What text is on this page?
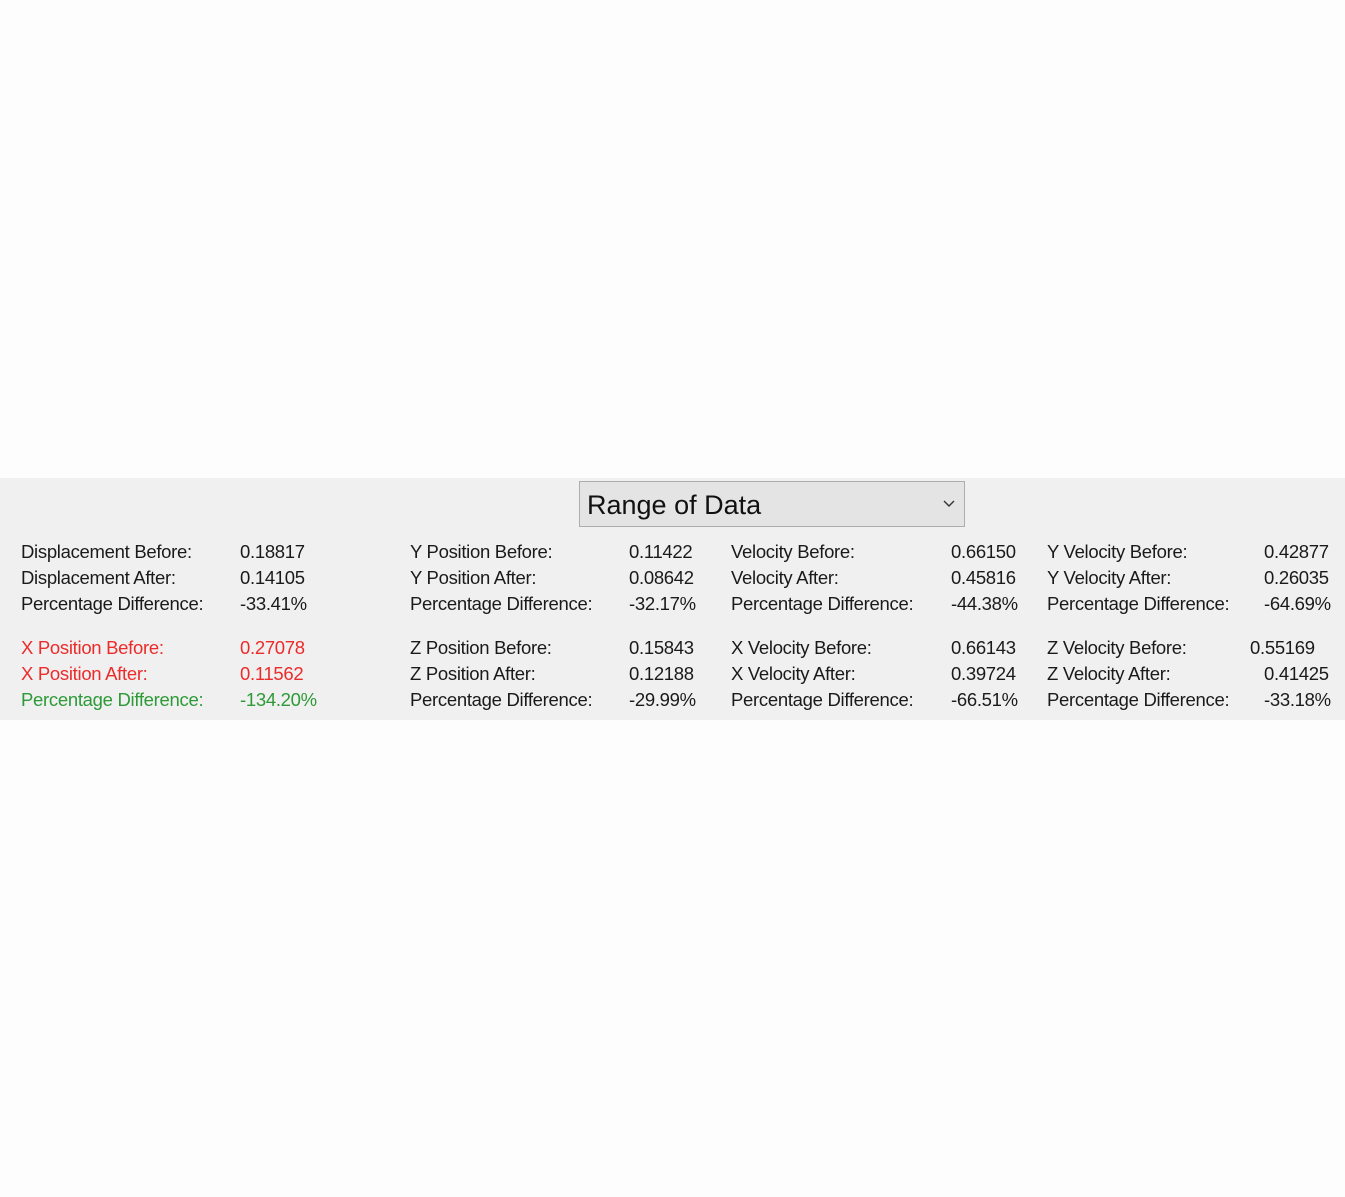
Range of Data
Displacement Before:	0.18817
Displacement After:	0.14105
Percentage Difference: -33.41%
X Position Before:	0.27078
X Position After:	0.11562
Percentage Difference: -134.20%
Y Position Before:	0.11422
Y Position After:	0.08642
Percentage Difference: -32.17%
Z Position Before:	0.15843
Z Position After:	0.12188
Percentage Difference: -29.99%
Velocity Before:	0.66150
Velocity After:	0.45816
Percentage Difference: -44.38%
X Velocity Before:	0.66143
X Velocity After:	0.39724
Percentage Difference: -66.51%
Y Velocity Before:	0.42877
Y Velocity After:	0.26035
Percentage Difference: -64.69%
Z Velocity Before:	0.55169
Z Velocity After:	0.41425
Percentage Difference: -33.18%
